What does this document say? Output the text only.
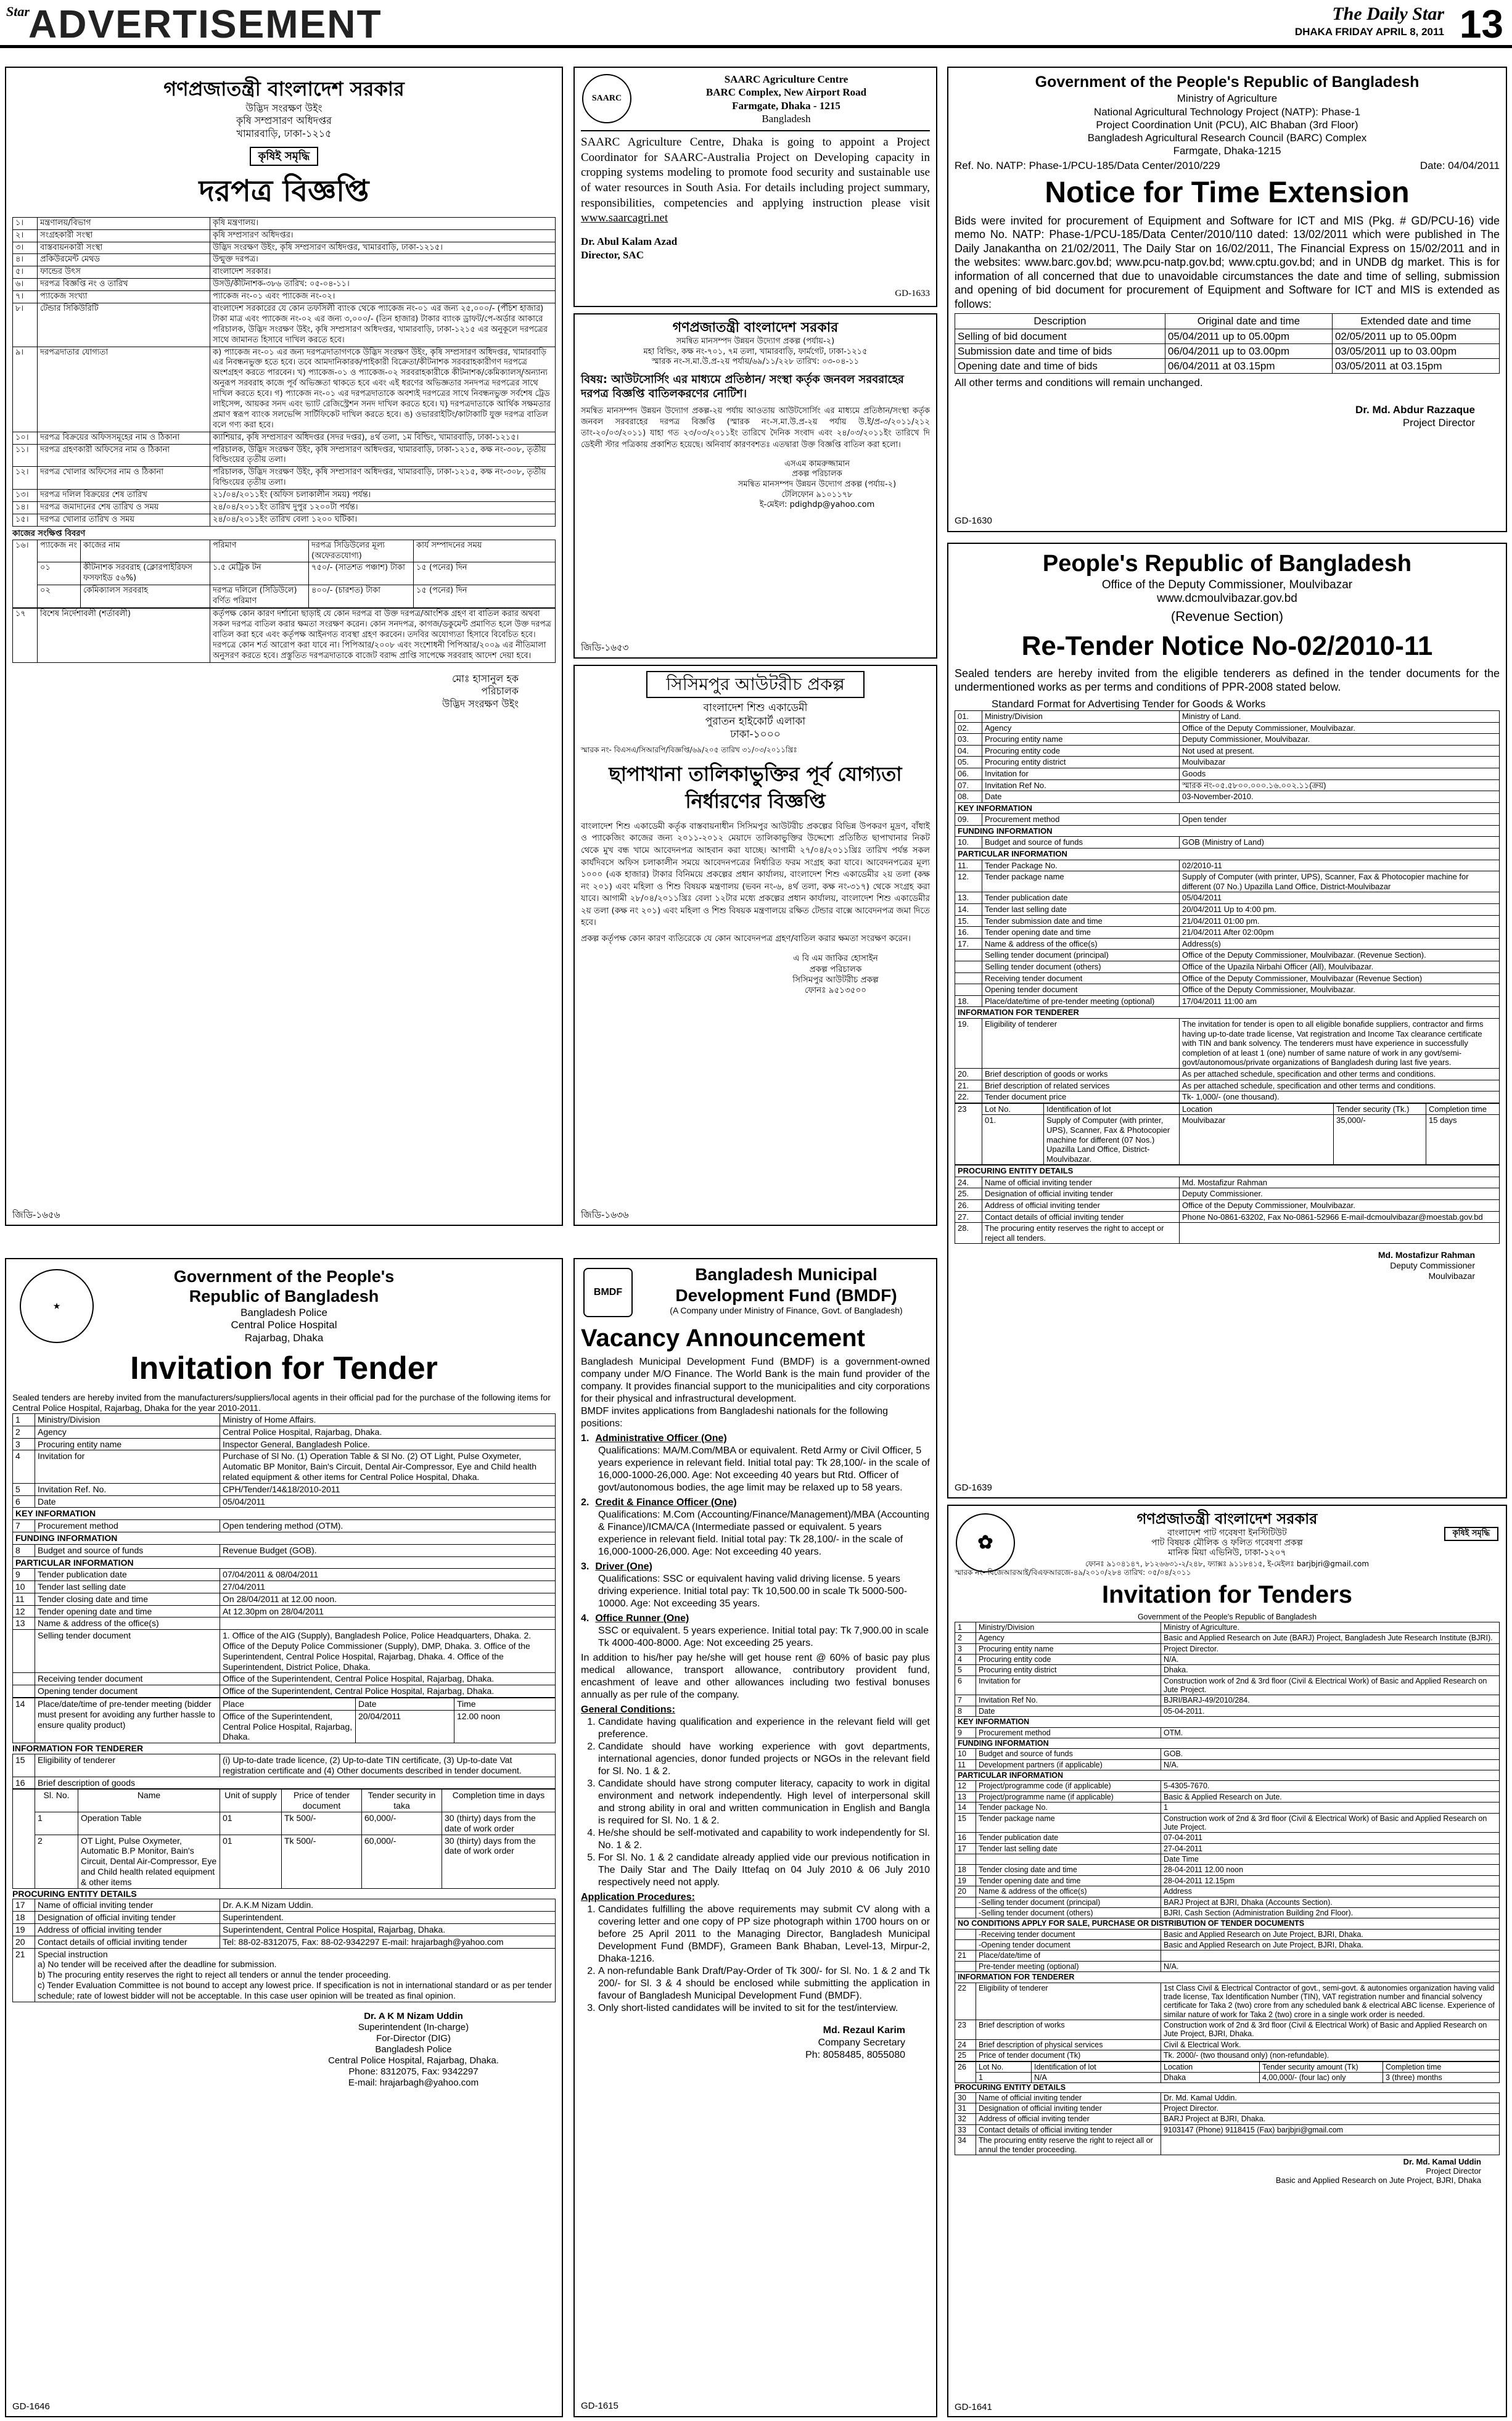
Star
ADVERTISEMENT	The Daily Star
DHAKA FRIDAY APRIL 8, 2011 13
গণপ্রজাতন্ত্রী বাংলাদেশ সরকার
উদ্ভিদ সংরক্ষণ উইং
কৃষি সম্প্রসারণ অধিদপ্তর
খামারবাড়ি, ঢাকা-১২১৫
কৃষিই সমৃদ্ধি
দরপত্র বিজ্ঞপ্তি
১।	মন্ত্রণালয়/বিভাগ	কৃষি মন্ত্রণালয়।
২।	সংগ্রহকারী সংস্থা	কৃষি সম্প্রসারণ অধিদপ্তর।
৩।	বাস্তবায়নকারী সংস্থা	উদ্ভিদ সংরক্ষণ উইং, কৃষি সম্প্রসারণ অধিদপ্তর, খামারবাড়ি, ঢাকা-১২১৫।
৪।	প্রকিউরমেন্ট মেথড	উন্মুক্ত দরপত্র।
৫।	ফান্ডের উৎস	বাংলাদেশ সরকার।
৬।	দরপত্র বিজ্ঞপ্তি নং ও তারিখ	উসউ/কীটনাশক-৩৮৬ তারিখ: ০৫-০৪-১১।
৭।	প্যাকেজ সংখ্যা	প্যাকেজ নং-০১ এবং প্যাকেজ নং-০২।
৮।	টেন্ডার সিকিউরিটি	বাংলাদেশ সরকারের যে কোন তফসিলী ব্যাংক থেকে প্যাকেজ নং-০১ এর জন্য ২৫,০০০/- (পঁচিশ হাজার) টাকা মাত্র এবং প্যাকেজ নং-০২ এর জন্য ৩,০০০/- (তিন হাজার) টাকার ব্যাংক ড্রাফট/পে-অর্ডার আকারে পরিচালক, উদ্ভিদ সংরক্ষণ উইং, কৃষি সম্প্রসারণ অধিদপ্তর, খামারবাড়ি, ঢাকা-১২১৫ এর অনুকূলে দরপত্রের সাথে জামানত হিসাবে দাখিল করতে হবে।
৯।	দরপত্রদাতার যোগ্যতা	ক) প্যাকেজ নং-০১ এর জন্য দরপত্রদাতাগণকে উদ্ভিদ সংরক্ষণ উইং, কৃষি সম্প্রসারণ অধিদপ্তর, খামারবাড়ি এর নিবন্ধনভুক্ত হতে হবে। তবে আমদানিকারক/পাইকারী বিক্রেতা/কীটনাশক সরবরাহকারীগণ দরপত্রে অংশগ্রহণ করতে পারবেন। খ) প্যাকেজ-০১ ও প্যাকেজ-০২ সরবরাহকারীকে কীটনাশক/কেমিক্যালস্/অন্যান্য অনুরূপ সরবরাহ কাজে পূর্ব অভিজ্ঞতা থাকতে হবে এবং এই ধরণের অভিজ্ঞতার সনদপত্র দরপত্রের সাথে দাখিল করতে হবে। গ) প্যাকেজ নং-০১ এর দরপত্রদাতাকে অবশ্যই দরপত্রের সাথে নিবন্ধনভুক্ত সর্বশেষ ট্রেড লাইসেন্স, আয়কর সনদ এবং ভ্যাট রেজিস্ট্রেশন সনদ দাখিল করতে হবে। ঘ) দরপত্রদাতাকে আর্থিক সক্ষমতার প্রমাণ স্বরূপ ব্যাংক সলভেন্সি সার্টিফিকেট দাখিল করতে হবে। ঙ) ওভাররাইটিং/কাটাকাটি যুক্ত দরপত্র বাতিল বলে গণ্য করা হবে।
১০।	দরপত্র বিক্রয়ের অফিসসমূহের নাম ও ঠিকানা	ক্যাশিয়ার, কৃষি সম্প্রসারণ অধিদপ্তর (সদর দপ্তর), ৪র্থ তলা, ১ম বিল্ডিং, খামারবাড়ি, ঢাকা-১২১৫।
১১।	দরপত্র গ্রহণকারী অফিসের নাম ও ঠিকানা	পরিচালক, উদ্ভিদ সংরক্ষণ উইং, কৃষি সম্প্রসারণ অধিদপ্তর, খামারবাড়ি, ঢাকা-১২১৫, কক্ষ নং-৩০৮, তৃতীয় বিল্ডিংয়ের তৃতীয় তলা।
১২।	দরপত্র খোলার অফিসের নাম ও ঠিকানা	পরিচালক, উদ্ভিদ সংরক্ষণ উইং, কৃষি সম্প্রসারণ অধিদপ্তর, খামারবাড়ি, ঢাকা-১২১৫, কক্ষ নং-৩০৮, তৃতীয় বিল্ডিংয়ের তৃতীয় তলা।
১৩।	দরপত্র দলিল বিক্রয়ের শেষ তারিখ	২১/০৪/২০১১ইং (অফিস চলাকালীন সময়) পর্যন্ত।
১৪।	দরপত্র জমাদানের শেষ তারিখ ও সময়	২৪/০৪/২০১১ইং তারিখ দুপুর ১২০০টা পর্যন্ত।
১৫।	দরপত্র খোলার তারিখ ও সময়	২৪/০৪/২০১১ইং তারিখ বেলা ১২০০ ঘটিকা।
কাজের সংক্ষিপ্ত বিবরণ
১৬।	প্যাকেজ নং	কাজের নাম	পরিমাণ	দরপত্র সিডিউলের মূল্য (অফেরতযোগ্য)	কার্য সম্পাদনের সময়
	০১	কীটনাশক সরবরাহ (ক্লোরপাইরিফস ফসফাইড ৫৬%)	১.৫ মেট্রিক টন	৭৫০/- (সাতশত পঞ্চাশ) টাকা	১৫ (পনের) দিন
	০২	কেমিক্যালস সরবরাহ	দরপত্র দলিলে (সিডিউলে) বর্ণিত পরিমাণ	৪০০/- (চারশত) টাকা	১৫ (পনের) দিন
১৭	বিশেষ নির্দেশাবলী (শর্তাবলী)	কর্তৃপক্ষ কোন কারণ দর্শানো ছাড়াই যে কোন দরপত্র বা উক্ত দরপত্র/আংশিক গ্রহণ বা বাতিল করার অথবা সকল দরপত্র বাতিল করার ক্ষমতা সংরক্ষণ করেন। কোন সনদপত্র, কাগজ/ডকুমেন্ট প্রমাণিত হলে উক্ত দরপত্র বাতিল করা হবে এবং কর্তৃপক্ষ আইনগত ব্যবস্থা গ্রহণ করবেন। তদবির অযোগ্যতা হিসাবে বিবেচিত হবে। দরপত্রে কোন শর্ত আরোপ করা যাবে না। পিপিআর/২০০৮ এবং সংশোধনী পিপিআর/২০০৯ এর নীতিমালা অনুসরণ করতে হবে। প্রস্তুতিত দরপত্রদাতাকে বাজেট বরাদ্দ প্রাপ্তি সাপেক্ষে সরবরাহ আদেশ দেয়া হবে।
মোঃ হাসানুল হক
পরিচালক
উদ্ভিদ সংরক্ষণ উইং
জিডি-১৬৫৬
SAARC
SAARC Agriculture Centre
BARC Complex, New Airport Road
Farmgate, Dhaka - 1215
Bangladesh
SAARC Agriculture Centre, Dhaka is going to appoint a Project Coordinator for SAARC-Australia Project on Developing capacity in cropping systems modeling to promote food security and sustainable use of water resources in South Asia. For details including project summary, responsibilities, competencies and applying instruction please visit www.saarcagri.net
Dr. Abul Kalam Azad
Director, SAC
GD-1633
গণপ্রজাতন্ত্রী বাংলাদেশ সরকার
সমন্বিত মানসম্পদ উন্নয়ন উদ্যোগ প্রকল্প (পর্যায়-২)
মহা বিল্ডিং, কক্ষ নং-৭০১, ৭ম তলা, খামারবাড়ি, ফার্মগেট, ঢাকা-১২১৫
স্মারক নং-স.মা.উ.প্র-২য় পর্যায়/৬৯/১১/২২৮ তারিখ: ০৩-০৪-১১
বিষয়: আউটসোর্সিং এর মাধ্যমে প্রতিষ্ঠান/ সংস্থা কর্তৃক জনবল সরবরাহের দরপত্র বিজ্ঞপ্তি বাতিলকরণের নোটিশ।
সমন্বিত মানসম্পদ উন্নয়ন উদ্যোগ প্রকল্প-২য় পর্যায় আওতায় আউটসোর্সিং এর মাধ্যমে প্রতিষ্ঠান/সংস্থা কর্তৃক জনবল সরবরাহের দরপত্র বিজ্ঞপ্তি (স্মারক নং-স.মা.উ.প্র-২য় পর্যায় উ.ই/প্র-৩/২০১১/২১২ তাং-২০/০৩/২০১১) যাহা গত ২৩/০৩/২০১১ইং তারিখে দৈনিক সংবাদ এবং ২৪/০৩/২০১১ইং তারিখে দি ডেইলী স্টার পত্রিকায় প্রকাশিত হয়েছে। অনিবার্য কারণবশতঃ এতদ্বারা উক্ত বিজ্ঞপ্তি বাতিল করা হলো।
এসএম কামরুজ্জামান
প্রকল্প পরিচালক
সমন্বিত মানসম্পদ উন্নয়ন উদ্যোগ প্রকল্প (পর্যায়-২)
টেলিফোন ৯১০১১৭৮
ই-মেইল: pdighdp@yahoo.com
জিডি-১৬৫৩
সিসিমপুর আউটরীচ প্রকল্প
বাংলাদেশ শিশু একাডেমী
পুরাতন হাইকোর্ট এলাকা
ঢাকা-১০০০
স্মারক নং- বিএসএ/সিআরপি/বিজ্ঞপ্তি/৬৯/২০৫ তারিখ ৩১/০৩/২০১১খ্রিঃ
ছাপাখানা তালিকাভুক্তির পূর্ব যোগ্যতা নির্ধারণের বিজ্ঞপ্তি
বাংলাদেশ শিশু একাডেমী কর্তৃক বাস্তবায়নাধীন সিসিমপুর আউটরীচ প্রকল্পের বিভিন্ন উপকরণ মুদ্রণ, বাঁধাই ও প্যাকেজিং কাজের জন্য ২০১১-২০১২ মেয়াদে তালিকাভুক্তির উদ্দেশ্যে প্রতিষ্ঠিত ছাপাখানার নিকট থেকে মুখ বন্ধ খামে আবেদনপত্র আহবান করা যাচ্ছে। আগামী ২৭/০৪/২০১১খ্রিঃ তারিখ পর্যন্ত সকল কার্যদিবসে অফিস চলাকালীন সময়ে আবেদনপত্রের নির্ধারিত ফরম সংগ্রহ করা যাবে। আবেদনপত্রের মূল্য ১০০০ (এক হাজার) টাকার বিনিময়ে প্রকল্পের প্রধান কার্যালয়, বাংলাদেশ শিশু একাডেমীর ২য় তলা (কক্ষ নং ২০১) এবং মহিলা ও শিশু বিষয়ক মন্ত্রণালয় (ভবন নং-৬, ৪র্থ তলা, কক্ষ নং-৩১৭) থেকে সংগ্রহ করা যাবে। আগামী ২৮/০৪/২০১১খ্রিঃ বেলা ১২টার মধ্যে প্রকল্পের প্রধান কার্যালয়, বাংলাদেশ শিশু একাডেমীর ২য় তলা (কক্ষ নং ২০১) এবং মহিলা ও শিশু বিষয়ক মন্ত্রণালয়ে রক্ষিত টেন্ডার বাক্সে আবেদনপত্র জমা দিতে হবে।
প্রকল্প কর্তৃপক্ষ কোন কারণ ব্যতিরেকে যে কোন আবেদনপত্র গ্রহণ/বাতিল করার ক্ষমতা সংরক্ষণ করেন।
এ বি এম জাকির হোসাইন
প্রকল্প পরিচালক
সিসিমপুর আউটরীচ প্রকল্প
ফোনঃ ৯৫১৩৫০০
জিডি-১৬৩৬
Government of the People's Republic of Bangladesh
Ministry of Agriculture
National Agricultural Technology Project (NATP): Phase-1
Project Coordination Unit (PCU), AIC Bhaban (3rd Floor)
Bangladesh Agricultural Research Council (BARC) Complex
Farmgate, Dhaka-1215
Ref. No. NATP: Phase-1/PCU-185/Data Center/2010/229	Date: 04/04/2011
Notice for Time Extension
Bids were invited for procurement of Equipment and Software for ICT and MIS (Pkg. # GD/PCU-16) vide memo No. NATP: Phase-1/PCU-185/Data Center/2010/110 dated: 13/02/2011 which were published in The Daily Janakantha on 21/02/2011, The Daily Star on 16/02/2011, The Financial Express on 15/02/2011 and in the websites: www.barc.gov.bd; www.pcu-natp.gov.bd; www.cptu.gov.bd; and in UNDB dg market. This is for information of all concerned that due to unavoidable circumstances the date and time of selling, submission and opening of bid document for procurement of Equipment and Software for ICT and MIS is extended as follows:
Description	Original date and time	Extended date and time
Selling of bid document	05/04/2011 up to 05.00pm	02/05/2011 up to 05.00pm
Submission date and time of bids	06/04/2011 up to 03.00pm	03/05/2011 up to 03.00pm
Opening date and time of bids	06/04/2011 at 03.15pm	03/05/2011 at 03.15pm
All other terms and conditions will remain unchanged.
Dr. Md. Abdur Razzaque
Project Director
GD-1630
People's Republic of Bangladesh
Office of the Deputy Commissioner, Moulvibazar
www.dcmoulvibazar.gov.bd
(Revenue Section)
Re-Tender Notice No-02/2010-11
Sealed tenders are hereby invited from the eligible tenderers as defined in the tender documents for the undermentioned works as per terms and conditions of PPR-2008 stated below.
Standard Format for Advertising Tender for Goods & Works
01.	Ministry/Division	Ministry of Land.
02.	Agency	Office of the Deputy Commissioner, Moulvibazar.
03.	Procuring entity name	Deputy Commissioner, Moulvibazar.
04.	Procuring entity code	Not used at present.
05.	Procuring entity district	Moulvibazar
06.	Invitation for	Goods
07.	Invitation Ref No.	স্মারক নং-০৫.৫৮০০.০০০.১৬.০০২.১১(ক্রয়)
08.	Date	03-November-2010.
KEY INFORMATION		
09.	Procurement method	Open tender
FUNDING INFORMATION		
10.	Budget and source of funds	GOB (Ministry of Land)
PARTICULAR INFORMATION		
11.	Tender Package No.	02/2010-11
12.	Tender package name	Supply of Computer (with printer, UPS), Scanner, Fax & Photocopier machine for different (07 No.) Upazilla Land Office, District-Moulvibazar
13.	Tender publication date	05/04/2011
14.	Tender last selling date	20/04/2011 Up to 4:00 pm.
15.	Tender submission date and time	21/04/2011 01:00 pm.
16.	Tender opening date and time	21/04/2011 After 02:00pm
17.	Name & address of the office(s)	Address(s)
	Selling tender document (principal)	Office of the Deputy Commissioner, Moulvibazar. (Revenue Section).
	Selling tender document (others)	Office of the Upazila Nirbahi Officer (All), Moulvibazar.
	Receiving tender document	Office of the Deputy Commissioner, Moulvibazar (Revenue Section)
	Opening tender document	Office of the Deputy Commissioner, Moulvibazar.
18.	Place/date/time of pre-tender meeting (optional)	17/04/2011 11:00 am
INFORMATION FOR TENDERER		
19.	Eligibility of tenderer	The invitation for tender is open to all eligible bonafide suppliers, contractor and firms having up-to-date trade license, Vat registration and Income Tax clearance certificate with TIN and bank solvency. The tenderers must have experience in successfully completion of at least 1 (one) number of same nature of work in any govt/semi-govt/autonomous/private organizations of Bangladesh during last five years.
20.	Brief description of goods or works	As per attached schedule, specification and other terms and conditions.
21.	Brief description of related services	As per attached schedule, specification and other terms and conditions.
22.	Tender document price	Tk- 1,000/- (one thousand).
23	Lot No.	Identification of lot	Location	Tender security (Tk.)	Completion time
	01.	Supply of Computer (with printer, UPS), Scanner, Fax & Photocopier machine for different (07 Nos.) Upazilla Land Office, District-Moulvibazar.	Moulvibazar	35,000/-	15 days
PROCURING ENTITY DETAILS		
24.	Name of official inviting tender	Md. Mostafizur Rahman
25.	Designation of official inviting tender	Deputy Commissioner.
26.	Address of official inviting tender	Office of the Deputy Commissioner, Moulvibazar.
27.	Contact details of official inviting tender	Phone No-0861-63202, Fax No-0861-52966 E-mail-dcmoulvibazar@moestab.gov.bd
28.	The procuring entity reserves the right to accept or reject all tenders.	
Md. Mostafizur Rahman
Deputy Commissioner
Moulvibazar
GD-1639
★
Government of the People's
Republic of Bangladesh
Bangladesh Police
Central Police Hospital
Rajarbag, Dhaka
Invitation for Tender
Sealed tenders are hereby invited from the manufacturers/suppliers/local agents in their official pad for the purchase of the following items for Central Police Hospital, Rajarbag, Dhaka for the year 2010-2011.
1	Ministry/Division	Ministry of Home Affairs.
2	Agency	Central Police Hospital, Rajarbag, Dhaka.
3	Procuring entity name	Inspector General, Bangladesh Police.
4	Invitation for	Purchase of Sl No. (1) Operation Table & Sl No. (2) OT Light, Pulse Oxymeter, Automatic BP Monitor, Bain's Circuit, Dental Air-Compressor, Eye and Child health related equipment & other items for Central Police Hospital, Dhaka.
5	Invitation Ref. No.	CPH/Tender/14&18/2010-2011
6	Date	05/04/2011
KEY INFORMATION		
7	Procurement method	Open tendering method (OTM).
FUNDING INFORMATION		
8	Budget and source of funds	Revenue Budget (GOB).
PARTICULAR INFORMATION		
9	Tender publication date	07/04/2011 & 08/04/2011
10	Tender last selling date	27/04/2011
11	Tender closing date and time	On 28/04/2011 at 12.00 noon.
12	Tender opening date and time	At 12.30pm on 28/04/2011
13	Name & address of the office(s)	
	Selling tender document	1. Office of the AIG (Supply), Bangladesh Police, Police Headquarters, Dhaka. 2. Office of the Deputy Police Commissioner (Supply), DMP, Dhaka. 3. Office of the Superintendent, Central Police Hospital, Rajarbag, Dhaka. 4. Office of the Superintendent, District Police, Dhaka.
	Receiving tender document	Office of the Superintendent, Central Police Hospital, Rajarbag, Dhaka.
	Opening tender document	Office of the Superintendent, Central Police Hospital, Rajarbag, Dhaka.
14	Place/date/time of pre-tender meeting (bidder must present for avoiding any further hassle to ensure quality product)	Place	Date	Time
		Office of the Superintendent, Central Police Hospital, Rajarbag, Dhaka.	20/04/2011	12.00 noon
INFORMATION FOR TENDERER
15	Eligibility of tenderer	(i) Up-to-date trade licence, (2) Up-to-date TIN certificate, (3) Up-to-date Vat registration certificate and (4) Other documents described in tender document.
16	Brief description of goods	
	Sl. No.	Name	Unit of supply	Price of tender document	Tender security in taka	Completion time in days
	1	Operation Table	01	Tk 500/-	60,000/-	30 (thirty) days from the date of work order
	2	OT Light, Pulse Oxymeter, Automatic B.P Monitor, Bain's Circuit, Dental Air-Compressor, Eye and Child health related equipment & other items	01	Tk 500/-	60,000/-	30 (thirty) days from the date of work order
PROCURING ENTITY DETAILS
17	Name of official inviting tender	Dr. A.K.M Nizam Uddin.
18	Designation of official inviting tender	Superintendent.
19	Address of official inviting tender	Superintendent, Central Police Hospital, Rajarbag, Dhaka.
20	Contact details of official inviting tender	Tel: 88-02-8312075, Fax: 88-02-9342297 E-mail: hrajarbagh@yahoo.com
21	Special instruction
a) No tender will be received after the deadline for submission.
b) The procuring entity reserves the right to reject all tenders or annul the tender proceeding.
c) Tender Evaluation Committee is not bound to accept any lowest price. If specification is not in international standard or as per tender schedule; rate of lowest bidder will not be acceptable. In this case user opinion will be treated as final opinion.	
Dr. A K M Nizam Uddin
Superintendent (In-charge)
For-Director (DIG)
Bangladesh Police
Central Police Hospital, Rajarbag, Dhaka.
Phone: 8312075, Fax: 9342297
E-mail: hrajarbagh@yahoo.com
GD-1646
BMDF
Bangladesh Municipal Development Fund (BMDF)
(A Company under Ministry of Finance, Govt. of Bangladesh)
Vacancy Announcement
Bangladesh Municipal Development Fund (BMDF) is a government-owned company under M/O Finance. The World Bank is the main fund provider of the company. It provides financial support to the municipalities and city corporations for their physical and infrastructural development.
BMDF invites applications from Bangladeshi nationals for the following positions:
1. Administrative Officer (One)
Qualifications: MA/M.Com/MBA or equivalent. Retd Army or Civil Officer, 5 years experience in relevant field. Initial total pay: Tk 28,100/- in the scale of 16,000-1000-26,000. Age: Not exceeding 40 years but Rtd. Officer of govt/autonomous bodies, the age limit may be relaxed up to 58 years.
2. Credit & Finance Officer (One)
Qualifications: M.Com (Accounting/Finance/Management)/MBA (Accounting & Finance)/ICMA/CA (Intermediate passed or equivalent. 5 years experience in relevant field. Initial total pay: Tk 28,100/- in the scale of 16,000-1000-26,000. Age: Not exceeding 40 years.
3. Driver (One)
Qualifications: SSC or equivalent having valid driving license. 5 years driving experience. Initial total pay: Tk 10,500.00 in scale Tk 5000-500-10000. Age: Not exceeding 35 years.
4. Office Runner (One)
SSC or equivalent. 5 years experience. Initial total pay: Tk 7,900.00 in scale Tk 4000-400-8000. Age: Not exceeding 25 years.
In addition to his/her pay he/she will get house rent @ 60% of basic pay plus medical allowance, transport allowance, contributory provident fund, encashment of leave and other allowances including two festival bonuses annually as per rule of the company.
General Conditions:
1. Candidate having qualification and experience in the relevant field will get preference.
2. Candidate should have working experience with govt departments, international agencies, donor funded projects or NGOs in the relevant field for Sl. No. 1 & 2.
3. Candidate should have strong computer literacy, capacity to work in digital environment and network independently. High level of interpersonal skill and strong ability in oral and written communication in English and Bangla is required for Sl. No. 1 & 2.
4. He/she should be self-motivated and capability to work independently for Sl. No. 1 & 2.
5. For Sl. No. 1 & 2 candidate already applied vide our previous notification in The Daily Star and The Daily Ittefaq on 04 July 2010 & 06 July 2010 respectively need not apply.
Application Procedures:
1. Candidates fulfilling the above requirements may submit CV along with a covering letter and one copy of PP size photograph within 1700 hours on or before 25 April 2011 to the Managing Director, Bangladesh Municipal Development Fund (BMDF), Grameen Bank Bhaban, Level-13, Mirpur-2, Dhaka-1216.
2. A non-refundable Bank Draft/Pay-Order of Tk 300/- for Sl. No. 1 & 2 and Tk 200/- for Sl. 3 & 4 should be enclosed while submitting the application in favour of Bangladesh Municipal Development Fund (BMDF).
3. Only short-listed candidates will be invited to sit for the test/interview.
Md. Rezaul Karim
Company Secretary
Ph: 8058485, 8055080
GD-1615
✿	কৃষিই সমৃদ্ধি
গণপ্রজাতন্ত্রী বাংলাদেশ সরকার
বাংলাদেশ পাট গবেষণা ইনস্টিটিউট
পাট বিষয়ক মৌলিক ও ফলিত গবেষণা প্রকল্প
মানিক মিয়া এভিনিউ, ঢাকা-১২০৭
ফোনঃ ৯১০৪১৪৭, ৮১২৬৬৩১-২/২৪৮, ফ্যাক্সঃ ৯১১৮৪১৫, ই-মেইলঃ barjbjri@gmail.com
স্মারক নং- বিজেআরআই/বিএফআরজে-৪৯/২০১০/২৮৪ তারিখ: ০৫/০৪/২০১১
Invitation for Tenders
Government of the People's Republic of Bangladesh
1	Ministry/Division	Ministry of Agriculture.
2	Agency	Basic and Applied Research on Jute (BARJ) Project, Bangladesh Jute Research Institute (BJRI).
3	Procuring entity name	Project Director.
4	Procuring entity code	N/A.
5	Procuring entity district	Dhaka.
6	Invitation for	Construction work of 2nd & 3rd floor (Civil & Electrical Work) of Basic and Applied Research on Jute Project.
7	Invitation Ref No.	BJRI/BARJ-49/2010/284.
8	Date	05-04-2011.
KEY INFORMATION		
9	Procurement method	OTM.
FUNDING INFORMATION		
10	Budget and source of funds	GOB.
11	Development partners (if applicable)	N/A.
PARTICULAR INFORMATION		
12	Project/programme code (if applicable)	5-4305-7670.
13	Project/programme name (if applicable)	Basic & Applied Research on Jute.
14	Tender package No.	1
15	Tender package name	Construction work of 2nd & 3rd floor (Civil & Electrical Work) of Basic and Applied Research on Jute Project.
16	Tender publication date	07-04-2011
17	Tender last selling date	27-04-2011
		Date Time
18	Tender closing date and time	28-04-2011 12.00 noon
19	Tender opening date and time	28-04-2011 12.15pm
20	Name & address of the office(s)	Address
	-Selling tender document (principal)	BARJ Project at BJRI, Dhaka (Accounts Section).
	-Selling tender document (others)	BJRI, Cash Section (Administration Building 2nd Floor).
NO CONDITIONS APPLY FOR SALE, PURCHASE OR DISTRIBUTION OF TENDER DOCUMENTS		
	-Receiving tender document	Basic and Applied Research on Jute Project, BJRI, Dhaka.
	-Opening tender document	Basic and Applied Research on Jute Project, BJRI, Dhaka.
21	Place/date/time of	
	Pre-tender meeting (optional)	N/A.
INFORMATION FOR TENDERER		
22	Eligibility of tenderer	1st Class Civil & Electrical Contractor of govt., semi-govt. & autonomies organization having valid trade license, Tax Identification Number (TIN), VAT registration number and financial solvency certificate for Taka 2 (two) crore from any scheduled bank & electrical ABC license. Experience of similar nature of work for Taka 2 (two) crore in a single work order is needed.
23	Brief description of works	Construction work of 2nd & 3rd floor (Civil & Electrical Work) of Basic and Applied Research on Jute Project, BJRI, Dhaka.
24	Brief description of physical services	Civil & Electrical Work.
25	Price of tender document (Tk)	Tk. 2000/- (two thousand only) (non-refundable).
26	Lot No.	Identification of lot	Location	Tender security amount (Tk)	Completion time
	1	N/A	Dhaka	4,00,000/- (four lac) only	3 (three) months
PROCURING ENTITY DETAILS
30	Name of official inviting tender	Dr. Md. Kamal Uddin.
31	Designation of official inviting tender	Project Director.
32	Address of official inviting tender	BARJ Project at BJRI, Dhaka.
33	Contact details of official inviting tender	9103147 (Phone) 9118415 (Fax) barjbjri@gmail.com
34	The procuring entity reserve the right to reject all or annul the tender proceeding.	
Dr. Md. Kamal Uddin
Project Director
Basic and Applied Research on Jute Project, BJRI, Dhaka
GD-1641
